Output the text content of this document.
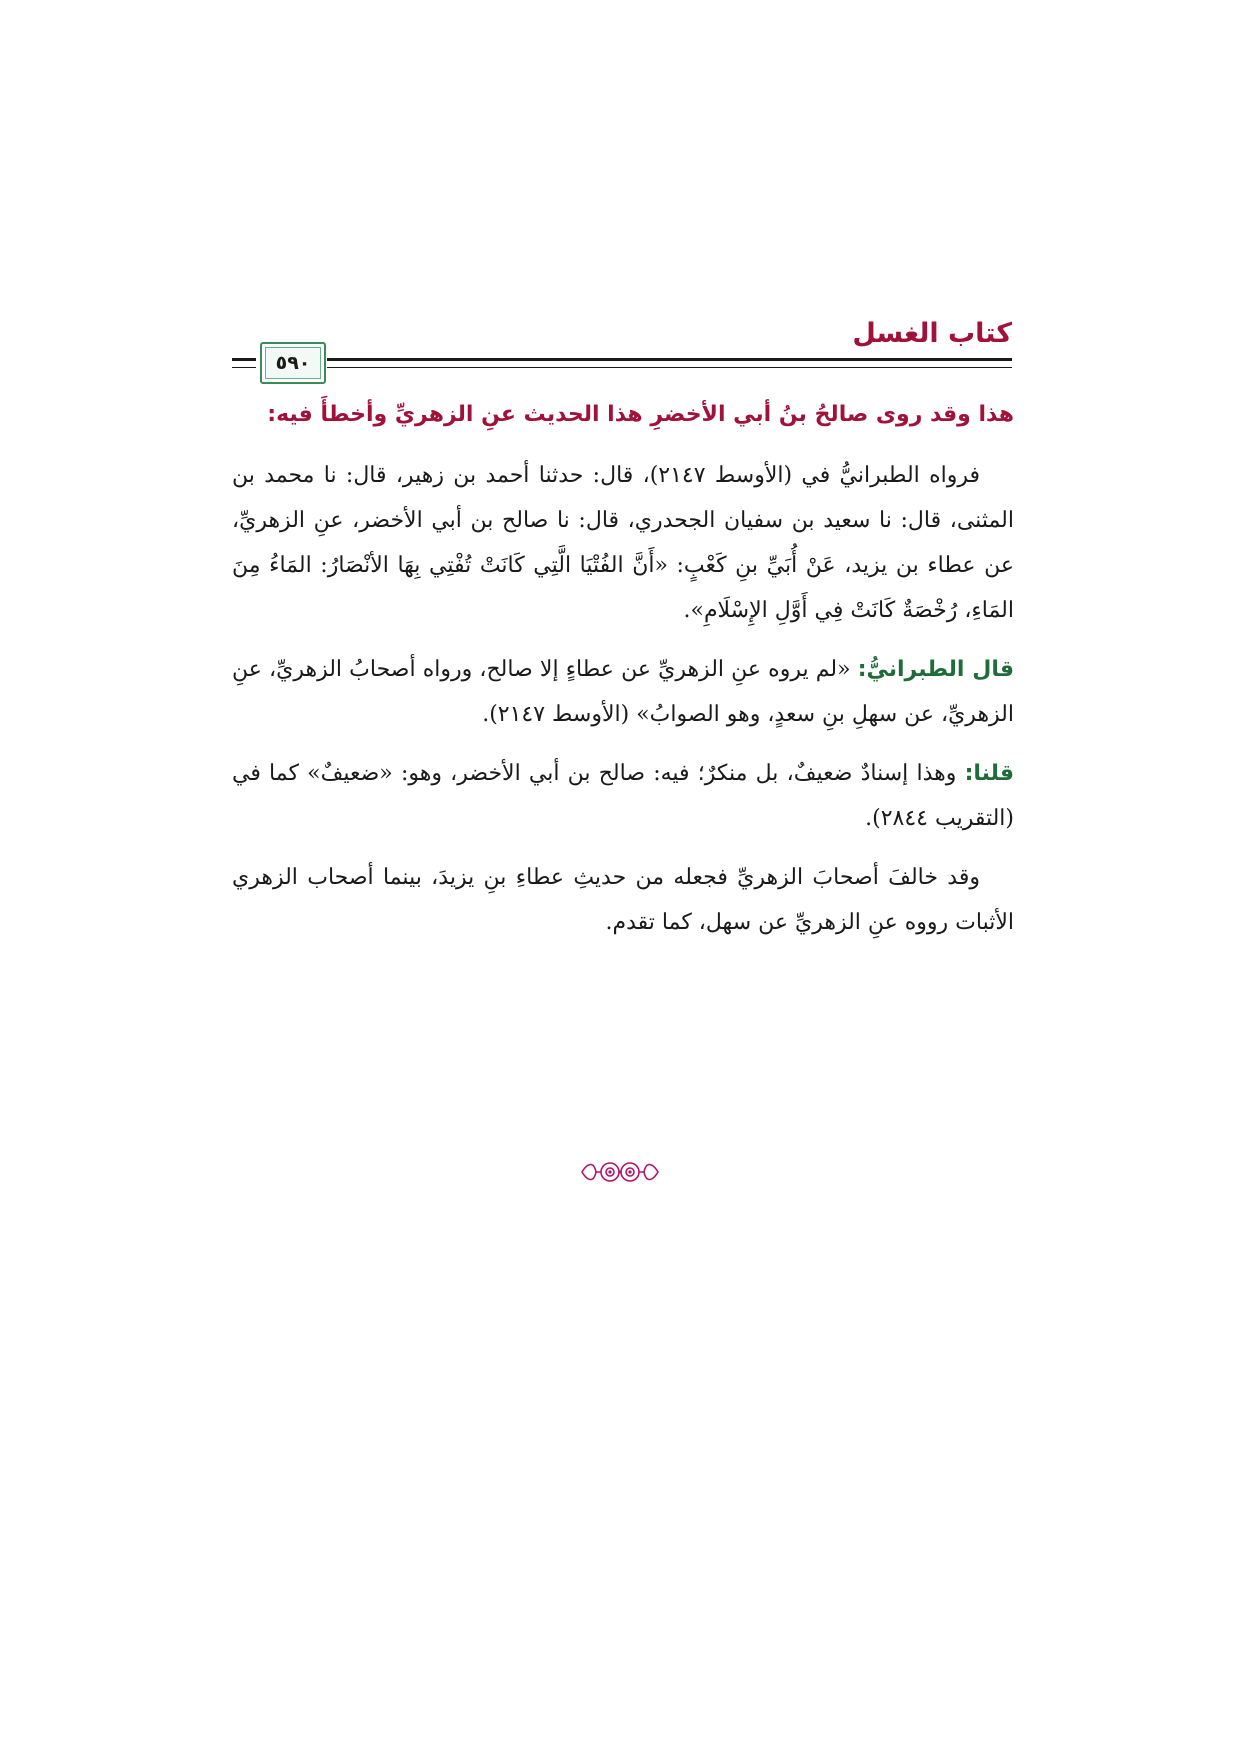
كتاب الغسل
٥٩٠

هذا وقد روى صالحُ بنُ أبي الأخضرِ هذا الحديث عنِ الزهريِّ وأخطأَ فيه:

فرواه الطبرانيُّ في (الأوسط ٢١٤٧)، قال: حدثنا أحمد بن زهير، قال: نا محمد بن المثنى، قال: نا سعيد بن سفيان الجحدري، قال: نا صالح بن أبي الأخضر، عنِ الزهريِّ، عن عطاء بن يزيد، عَنْ أُبَيِّ بنِ كَعْبٍ: «أَنَّ الفُتْيَا الَّتِي كَانَتْ تُفْتِي بِهَا الأنْصَارُ: المَاءُ مِنَ المَاءِ، رُخْصَةٌ كَانَتْ فِي أَوَّلِ الإِسْلَامِ».

قال الطبرانيُّ: «لم يروه عنِ الزهريِّ عن عطاءٍ إلا صالح، ورواه أصحابُ الزهريِّ، عنِ الزهريِّ، عن سهلِ بنِ سعدٍ، وهو الصوابُ» (الأوسط ٢١٤٧).

قلنا: وهذا إسنادٌ ضعيفٌ، بل منكرٌ؛ فيه: صالح بن أبي الأخضر، وهو: «ضعيفٌ» كما في (التقريب ٢٨٤٤).

وقد خالفَ أصحابَ الزهريِّ فجعله من حديثِ عطاءِ بنِ يزيدَ، بينما أصحاب الزهري الأثبات رووه عنِ الزهريِّ عن سهل، كما تقدم.
